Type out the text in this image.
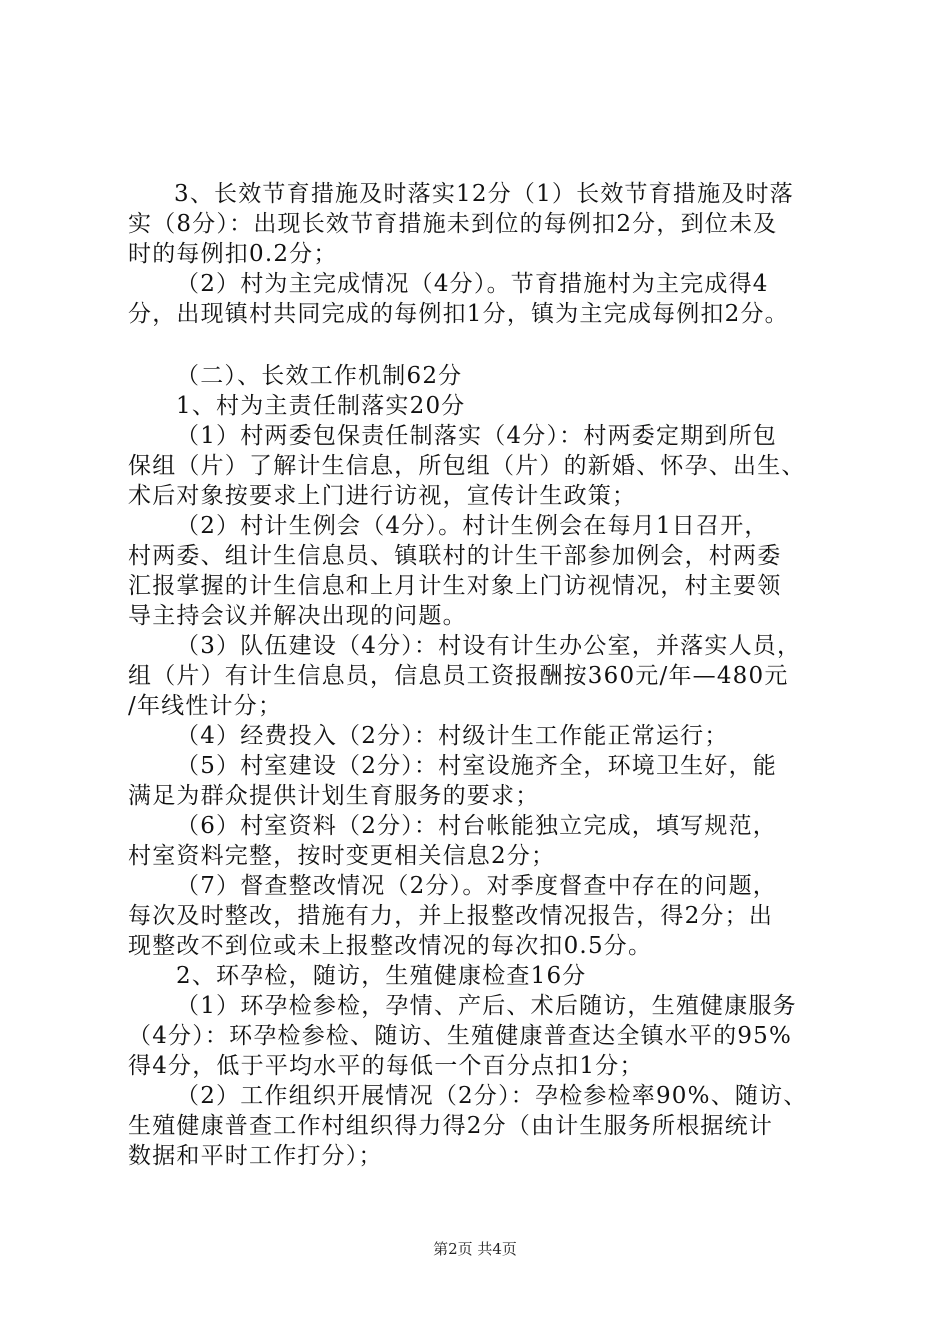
3、长效节育措施及时落实12分（1）长效节育措施及时落
实（8分）：出现长效节育措施未到位的每例扣2分，到位未及
时的每例扣0.2分；
（2）村为主完成情况（4分）。节育措施村为主完成得4
分，出现镇村共同完成的每例扣1分，镇为主完成每例扣2分。
（二）、长效工作机制62分
1、村为主责任制落实20分
（1）村两委包保责任制落实（4分）：村两委定期到所包
保组（片）了解计生信息，所包组（片）的新婚、怀孕、出生、
术后对象按要求上门进行访视，宣传计生政策；
（2）村计生例会（4分）。村计生例会在每月1日召开，
村两委、组计生信息员、镇联村的计生干部参加例会，村两委
汇报掌握的计生信息和上月计生对象上门访视情况，村主要领
导主持会议并解决出现的问题。
（3）队伍建设（4分）：村设有计生办公室，并落实人员，
组（片）有计生信息员，信息员工资报酬按360元/年—480元
/年线性计分；
（4）经费投入（2分）：村级计生工作能正常运行；
（5）村室建设（2分）：村室设施齐全，环境卫生好，能
满足为群众提供计划生育服务的要求；
（6）村室资料（2分）：村台帐能独立完成，填写规范，
村室资料完整，按时变更相关信息2分；
（7）督查整改情况（2分）。对季度督查中存在的问题，
每次及时整改，措施有力，并上报整改情况报告，得2分；出
现整改不到位或未上报整改情况的每次扣0.5分。
2、环孕检，随访，生殖健康检查16分
（1）环孕检参检，孕情、产后、术后随访，生殖健康服务
（4分）：环孕检参检、随访、生殖健康普查达全镇水平的95%
得4分，低于平均水平的每低一个百分点扣1分；
（2）工作组织开展情况（2分）：孕检参检率90%、随访、
生殖健康普查工作村组织得力得2分（由计生服务所根据统计
数据和平时工作打分）；
第2页 共4页
